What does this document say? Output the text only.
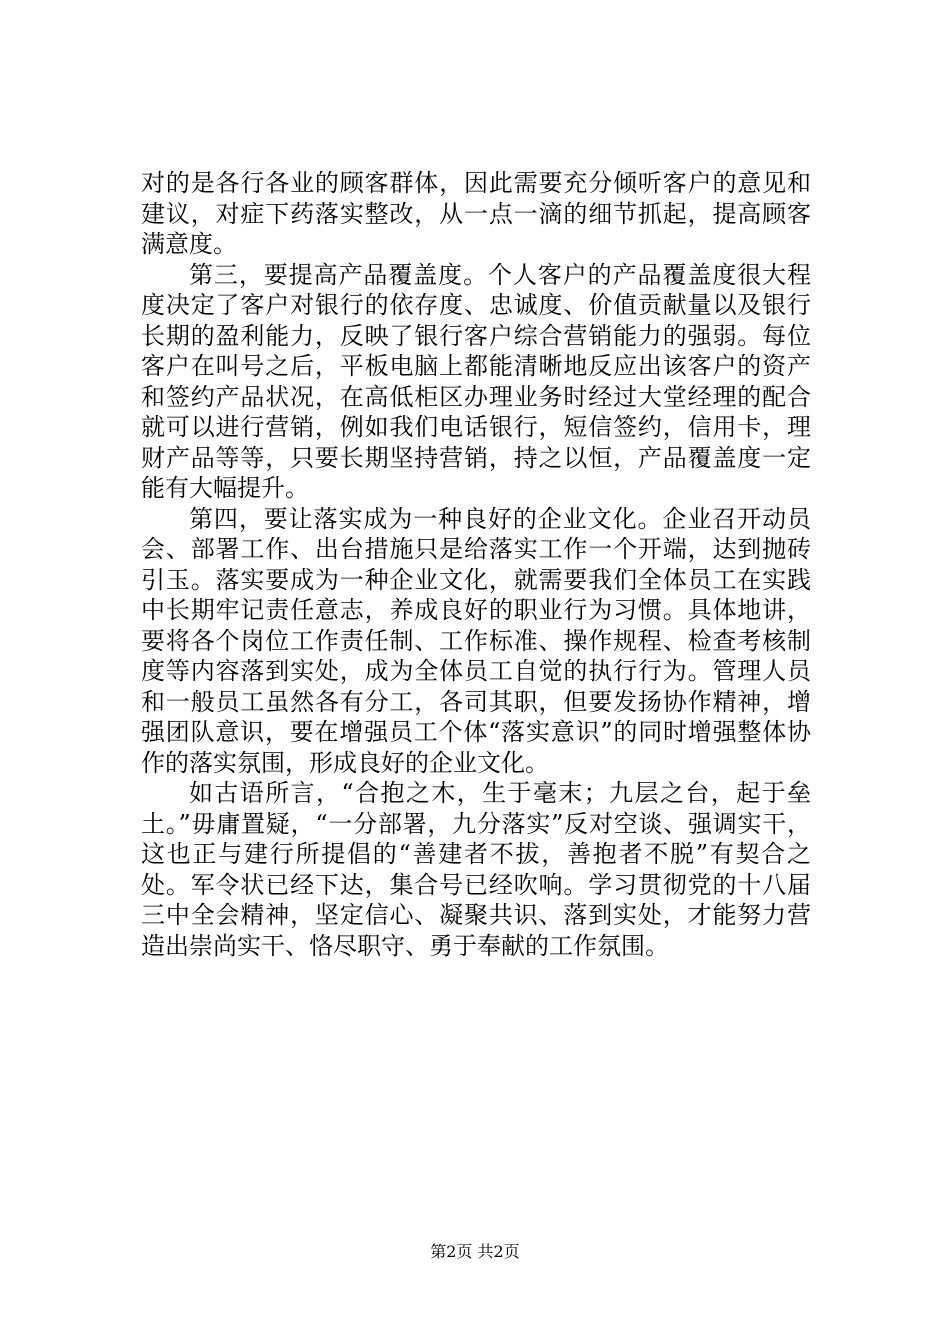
对的是各行各业的顾客群体，因此需要充分倾听客户的意见和建议，对症下药落实整改，从一点一滴的细节抓起，提高顾客满意度。

第三，要提高产品覆盖度。个人客户的产品覆盖度很大程度决定了客户对银行的依存度、忠诚度、价值贡献量以及银行长期的盈利能力，反映了银行客户综合营销能力的强弱。每位客户在叫号之后，平板电脑上都能清晰地反应出该客户的资产和签约产品状况，在高低柜区办理业务时经过大堂经理的配合就可以进行营销，例如我们电话银行，短信签约，信用卡，理财产品等等，只要长期坚持营销，持之以恒，产品覆盖度一定能有大幅提升。

第四，要让落实成为一种良好的企业文化。企业召开动员会、部署工作、出台措施只是给落实工作一个开端，达到抛砖引玉。落实要成为一种企业文化，就需要我们全体员工在实践中长期牢记责任意志，养成良好的职业行为习惯。具体地讲，要将各个岗位工作责任制、工作标准、操作规程、检查考核制度等内容落到实处，成为全体员工自觉的执行行为。管理人员和一般员工虽然各有分工，各司其职，但要发扬协作精神，增强团队意识，要在增强员工个体“落实意识”的同时增强整体协作的落实氛围，形成良好的企业文化。

如古语所言，“合抱之木，生于毫末；九层之台，起于垒土。”毋庸置疑，“一分部署，九分落实”反对空谈、强调实干，这也正与建行所提倡的“善建者不拔，善抱者不脱”有契合之处。军令状已经下达，集合号已经吹响。学习贯彻党的十八届三中全会精神，坚定信心、凝聚共识、落到实处，才能努力营造出崇尚实干、恪尽职守、勇于奉献的工作氛围。

第2页 共2页
